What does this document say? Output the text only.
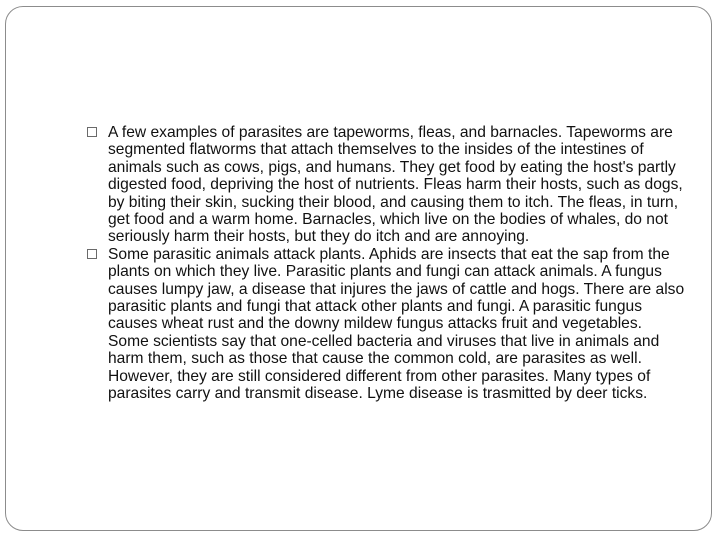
A few examples of parasites are tapeworms, fleas, and barnacles. Tapeworms are segmented flatworms that attach themselves to the insides of the intestines of animals such as cows, pigs, and humans. They get food by eating the host's partly digested food, depriving the host of nutrients. Fleas harm their hosts, such as dogs, by biting their skin, sucking their blood, and causing them to itch. The fleas, in turn, get food and a warm home. Barnacles, which live on the bodies of whales, do not seriously harm their hosts, but they do itch and are annoying.
Some parasitic animals attack plants. Aphids are insects that eat the sap from the plants on which they live. Parasitic plants and fungi can attack animals. A fungus causes lumpy jaw, a disease that injures the jaws of cattle and hogs. There are also parasitic plants and fungi that attack other plants and fungi. A parasitic fungus causes wheat rust and the downy mildew fungus attacks fruit and vegetables. Some scientists say that one-celled bacteria and viruses that live in animals and harm them, such as those that cause the common cold, are parasites as well. However, they are still considered different from other parasites. Many types of parasites carry and transmit disease. Lyme disease is trasmitted by deer ticks.
